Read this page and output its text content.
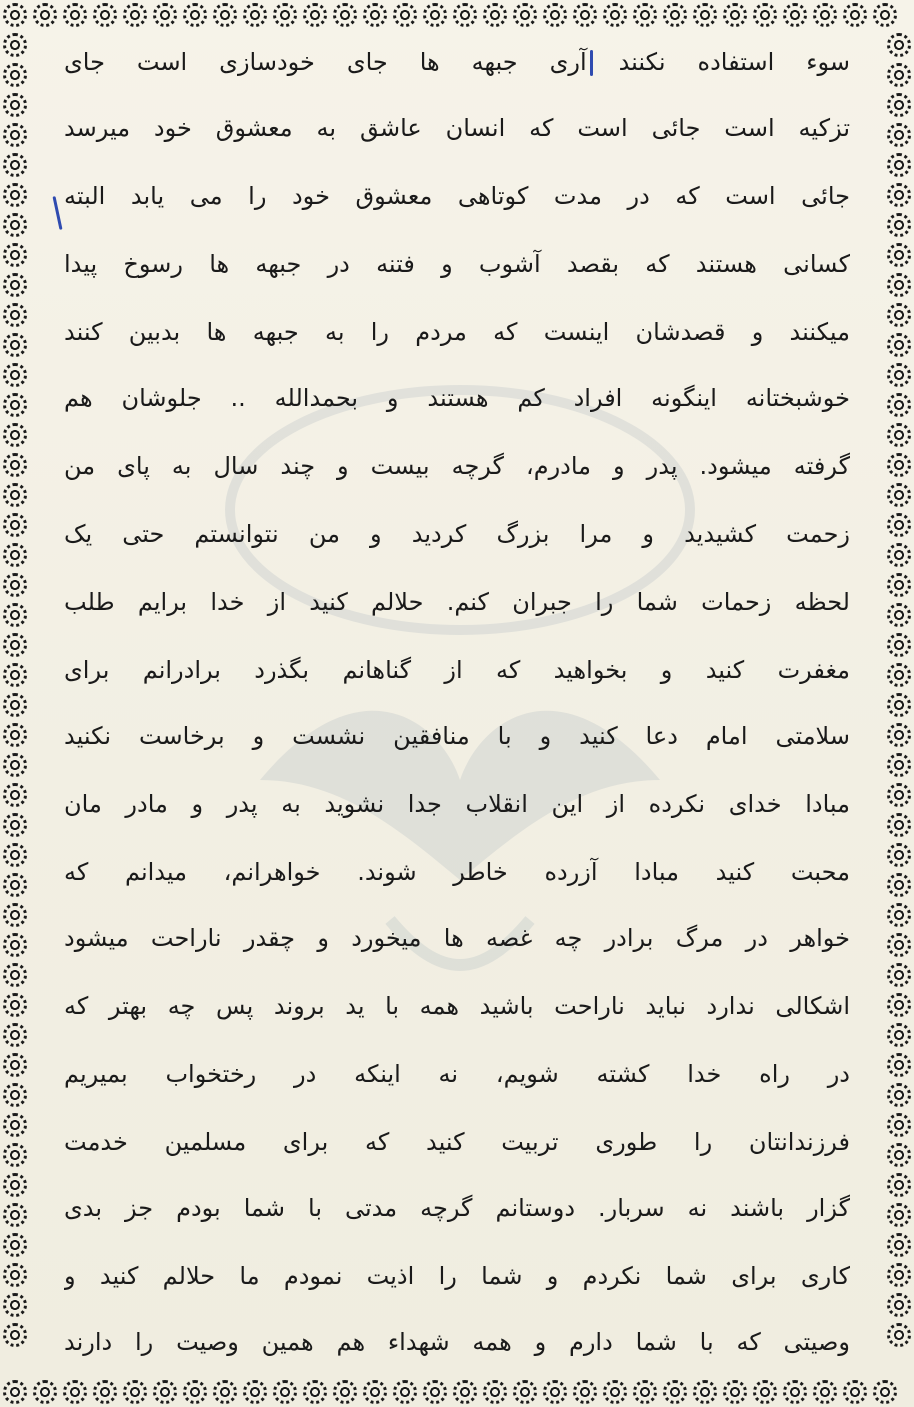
سوء استفاده نکنند آری جبهه ها جای خودسازی است جای
تزکیه است جائی است که انسان عاشق به معشوق خود میرسد
جائی است که در مدت کوتاهی معشوق خود را می یابد البته
کسانی هستند که بقصد آشوب و فتنه در جبهه ها رسوخ پیدا
میکنند و قصدشان اینست که مردم را به جبهه ها بدبین کنند
خوشبختانه اینگونه افراد کم هستند و بحمدالله .. جلوشان هم
گرفته میشود. پدر و مادرم، گرچه بیست و چند سال به پای من
زحمت کشیدید و مرا بزرگ کردید و من نتوانستم حتی یک
لحظه زحمات شما را جبران کنم. حلالم کنید از خدا برایم طلب
مغفرت کنید و بخواهید که از گناهانم بگذرد برادرانم برای
سلامتی امام دعا کنید و با منافقین نشست و برخاست نکنید
مبادا خدای نکرده از این انقلاب جدا نشوید به پدر و مادر مان
محبت کنید مبادا آزرده خاطر شوند. خواهرانم، میدانم که
خواهر در مرگ برادر چه غصه ها میخورد و چقدر ناراحت میشود
اشکالی ندارد نباید ناراحت باشید همه با ید بروند پس چه بهتر که
در راه خدا کشته شویم، نه اینکه در رختخواب بمیریم
فرزندانتان را طوری تربیت کنید که برای مسلمین خدمت
گزار باشند نه سربار. دوستانم گرچه مدتی با شما بودم جز بدی
کاری برای شما نکردم و شما را اذیت نمودم ما حلالم کنید و
وصیتی که با شما دارم و همه شهداء هم همین وصیت را دارند
